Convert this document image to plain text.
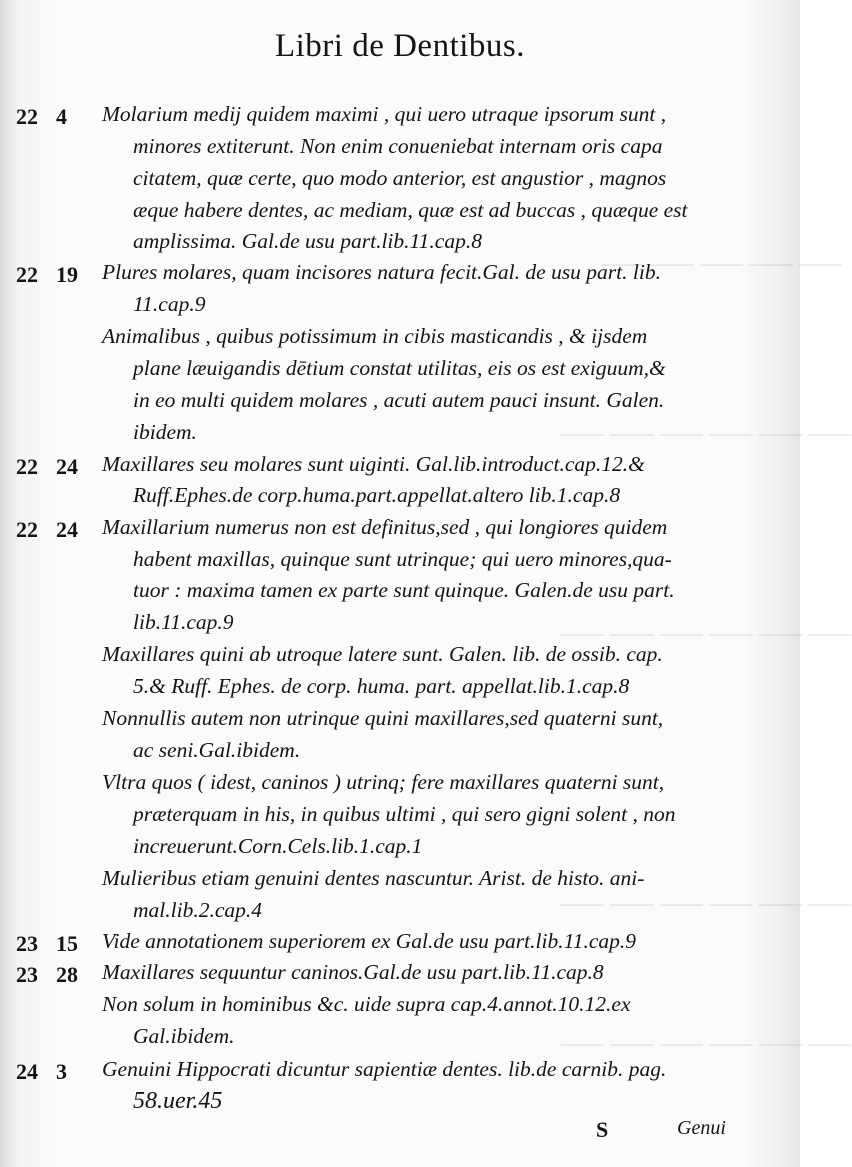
⸻ ⸻ ⸻ ⸻ ⸻
⸻ ⸻ ⸻ ⸻ ⸻ ⸻
⸻ ⸻ ⸻ ⸻ ⸻ ⸻
⸻ ⸻ ⸻ ⸻ ⸻ ⸻
⸻ ⸻ ⸻ ⸻ ⸻ ⸻
Libri de Dentibus.
22 4	Molarium medij quidem maximi , qui uero utraque ipsorum sunt ,
minores extiterunt. Non enim conueniebat internam oris capa
citatem, quæ certe, quo modo anterior, est angustior , magnos
æque habere dentes, ac mediam, quæ est ad buccas , quæque est
amplissima. Gal.de usu part.lib.11.cap.8
22 19	Plures molares, quam incisores natura fecit.Gal. de usu part. lib.
11.cap.9
Animalibus , quibus potissimum in cibis masticandis , & ijsdem
plane læuigandis dētium constat utilitas, eis os est exiguum,&
in eo multi quidem molares , acuti autem pauci insunt. Galen.
ibidem.
22 24	Maxillares seu molares sunt uiginti. Gal.lib.introduct.cap.12.&
Ruff.Ephes.de corp.huma.part.appellat.altero lib.1.cap.8
22 24	Maxillarium numerus non est definitus,sed , qui longiores quidem
habent maxillas, quinque sunt utrinque; qui uero minores,qua-
tuor : maxima tamen ex parte sunt quinque. Galen.de usu part.
lib.11.cap.9
Maxillares quini ab utroque latere sunt. Galen. lib. de ossib. cap.
5.& Ruff. Ephes. de corp. huma. part. appellat.lib.1.cap.8
Nonnullis autem non utrinque quini maxillares,sed quaterni sunt,
ac seni.Gal.ibidem.
Vltra quos ( idest, caninos ) utrinq; fere maxillares quaterni sunt,
præterquam in his, in quibus ultimi , qui sero gigni solent , non
increuerunt.Corn.Cels.lib.1.cap.1
Mulieribus etiam genuini dentes nascuntur. Arist. de histo. ani-
mal.lib.2.cap.4
23 15	Vide annotationem superiorem ex Gal.de usu part.lib.11.cap.9
23 28	Maxillares sequuntur caninos.Gal.de usu part.lib.11.cap.8
Non solum in hominibus &c. uide supra cap.4.annot.10.12.ex
Gal.ibidem.
24 3	Genuini Hippocrati dicuntur sapientiæ dentes. lib.de carnib. pag.
58.uer.45
S	Genui
